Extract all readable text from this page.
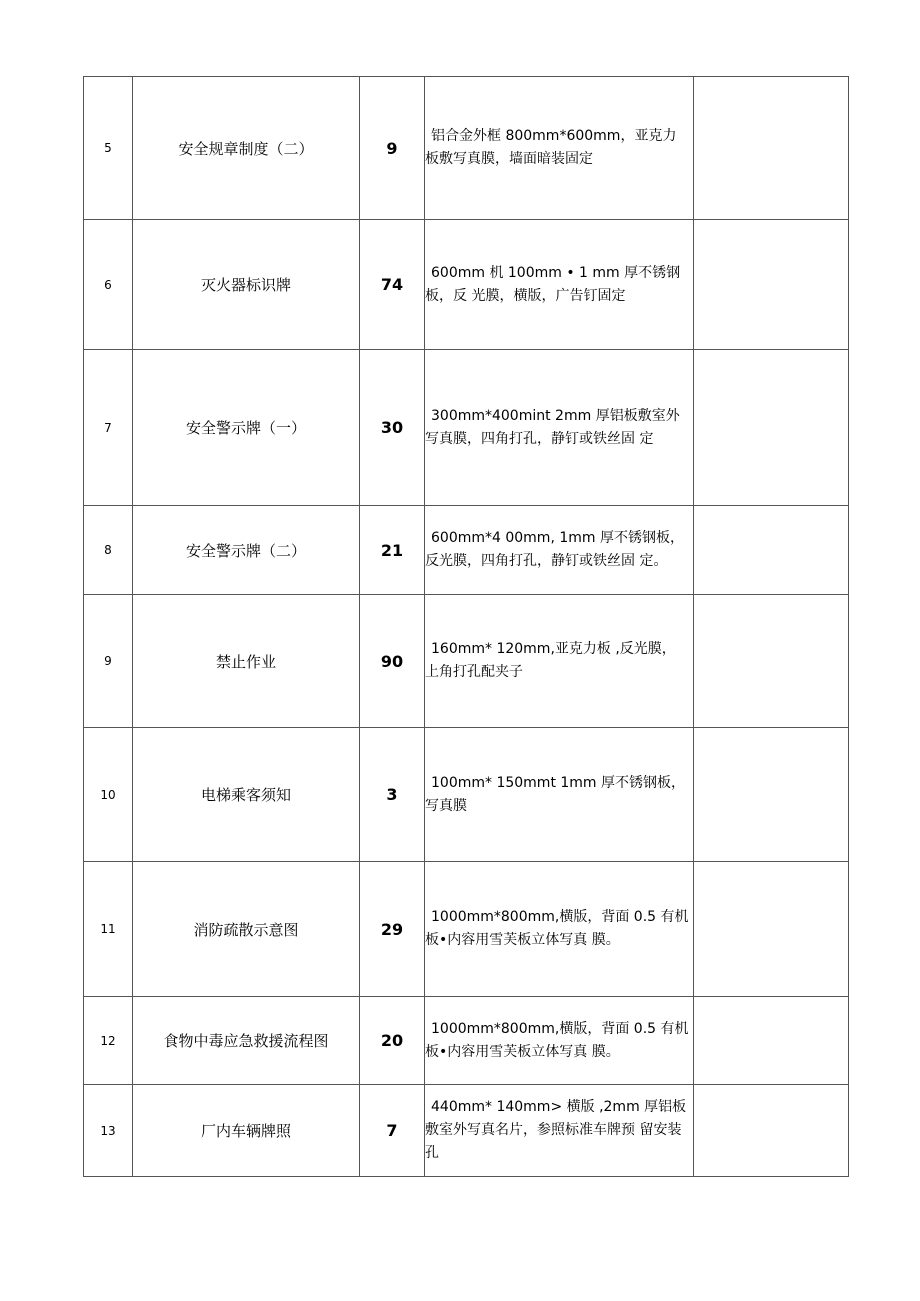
5	安全规章制度（二）	9	铝合金外框 800mm*600mm，亚克力 板敷写真膜，墙面暗装固定	

6	灭火器标识牌	74	600mm 机 100mm • 1 mm 厚不锈钢板，反 光膜，横版，广告钉固定	

7	安全警示牌（一）	30	300mm*400mint 2mm 厚铝板敷室外 写真膜，四角打孔，静钉或铁丝固 定	

8	安全警示牌（二）	21	600mm*4 00mm, 1mm 厚不锈钢板， 反光膜，四角打孔，静钉或铁丝固 定。	

9	禁止作业	90	160mm* 120mm,亚克力板 ,反光膜， 上角打孔配夹子	

10	电梯乘客须知	3	100mm* 150mmt 1mm 厚不锈钢板， 写真膜	

11	消防疏散示意图	29	1000mm*800mm,横版，背面 0.5 有机板•内容用雪芙板立体写真 膜。	

12	食物中毒应急救援流程图	20	1000mm*800mm,横版，背面 0.5 有机板•内容用雪芙板立体写真 膜。	

13	厂内车辆牌照	7	440mm* 140mm> 横版 ,2mm 厚铝板 敷室外写真名片，参照标准车牌预 留安装孔	
